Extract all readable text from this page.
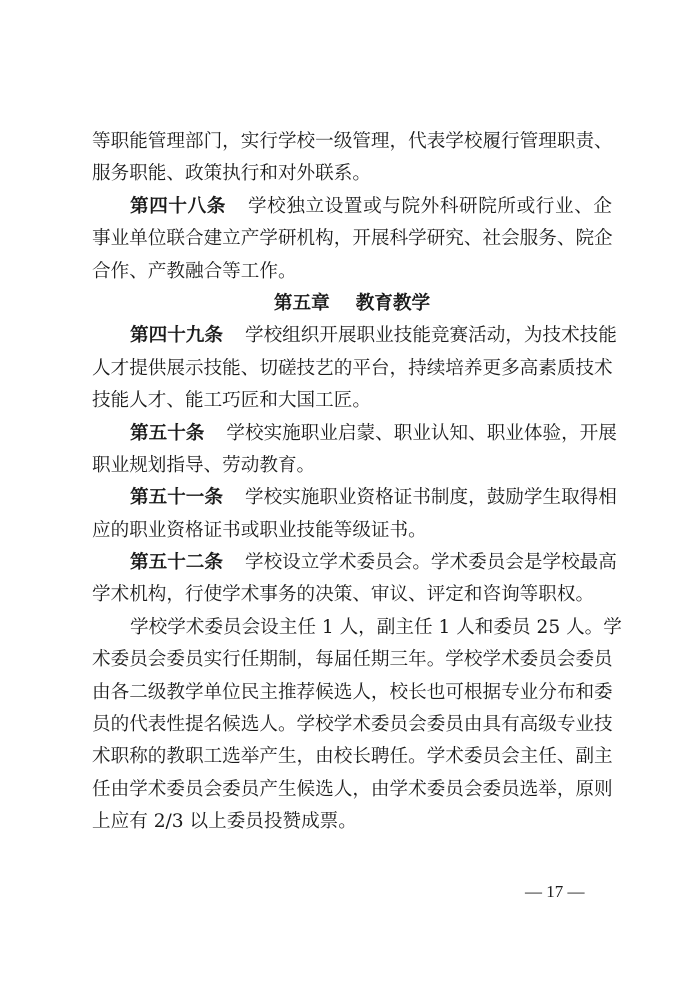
等职能管理部门，实行学校一级管理，代表学校履行管理职责、
服务职能、政策执行和对外联系。
第四十八条 学校独立设置或与院外科研院所或行业、企
事业单位联合建立产学研机构，开展科学研究、社会服务、院企
合作、产教融合等工作。
第五章 教育教学
第四十九条 学校组织开展职业技能竞赛活动，为技术技能
人才提供展示技能、切磋技艺的平台，持续培养更多高素质技术
技能人才、能工巧匠和大国工匠。
第五十条 学校实施职业启蒙、职业认知、职业体验，开展
职业规划指导、劳动教育。
第五十一条 学校实施职业资格证书制度，鼓励学生取得相
应的职业资格证书或职业技能等级证书。
第五十二条 学校设立学术委员会。学术委员会是学校最高
学术机构，行使学术事务的决策、审议、评定和咨询等职权。
学校学术委员会设主任 1 人，副主任 1 人和委员 25 人。学
术委员会委员实行任期制，每届任期三年。学校学术委员会委员
由各二级教学单位民主推荐候选人，校长也可根据专业分布和委
员的代表性提名候选人。学校学术委员会委员由具有高级专业技
术职称的教职工选举产生，由校长聘任。学术委员会主任、副主
任由学术委员会委员产生候选人，由学术委员会委员选举，原则
上应有 2/3 以上委员投赞成票。
— 17 —
